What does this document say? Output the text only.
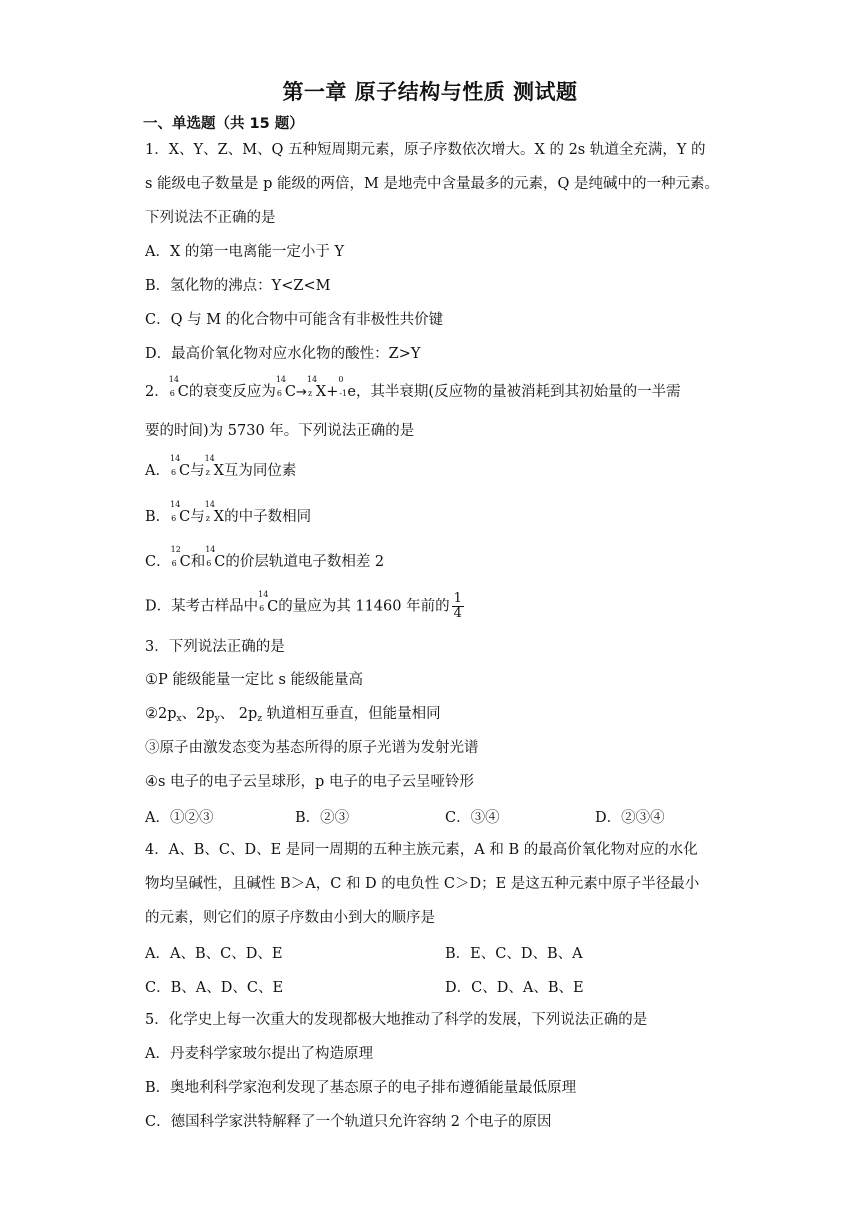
第一章 原子结构与性质 测试题
一、单选题（共 15 题）
1．X、Y、Z、M、Q 五种短周期元素，原子序数依次增大。X 的 2s 轨道全充满，Y 的
s 能级电子数量是 p 能级的两倍，M 是地壳中含量最多的元素，Q 是纯碱中的一种元素。
下列说法不正确的是
A．X 的第一电离能一定小于 Y
B．氢化物的沸点：Y<Z<M
C．Q 与 M 的化合物中可能含有非极性共价键
D．最高价氧化物对应水化物的酸性：Z>Y
2．
14
6 C的衰变反应为
14
6 C→
14
z X+
0
-1 e，其半衰期(反应物的量被消耗到其初始量的一半需
要的时间)为 5730 年。下列说法正确的是
A．
14
6 C与
14
z X互为同位素
B．
14
6 C与
14
z X的中子数相同
C．
12
6 C和
14
6 C的价层轨道电子数相差 2
D．某考古样品中
14
6 C的量应为其 11460 年前的 $\frac{1}{4}$
3．下列说法正确的是
①P 能级能量一定比 s 能级能量高
$②2p_x$、$2p_y$、 $2p_z$ 轨道相互垂直，但能量相同
③原子由激发态变为基态所得的原子光谱为发射光谱
④s 电子的电子云呈球形，p 电子的电子云呈哑铃形
A．①②③	B．②③	C．③④	D．②③④
4．A、B、C、D、E 是同一周期的五种主族元素，A 和 B 的最高价氧化物对应的水化
物均呈碱性，且碱性 B＞A，C 和 D 的电负性 C＞D；E 是这五种元素中原子半径最小
的元素，则它们的原子序数由小到大的顺序是
A．A、B、C、D、E	B．E、C、D、B、A
C．B、A、D、C、E	D．C、D、A、B、E
5．化学史上每一次重大的发现都极大地推动了科学的发展，下列说法正确的是
A．丹麦科学家玻尔提出了构造原理
B．奥地利科学家泡利发现了基态原子的电子排布遵循能量最低原理
C．德国科学家洪特解释了一个轨道只允许容纳 2 个电子的原因
